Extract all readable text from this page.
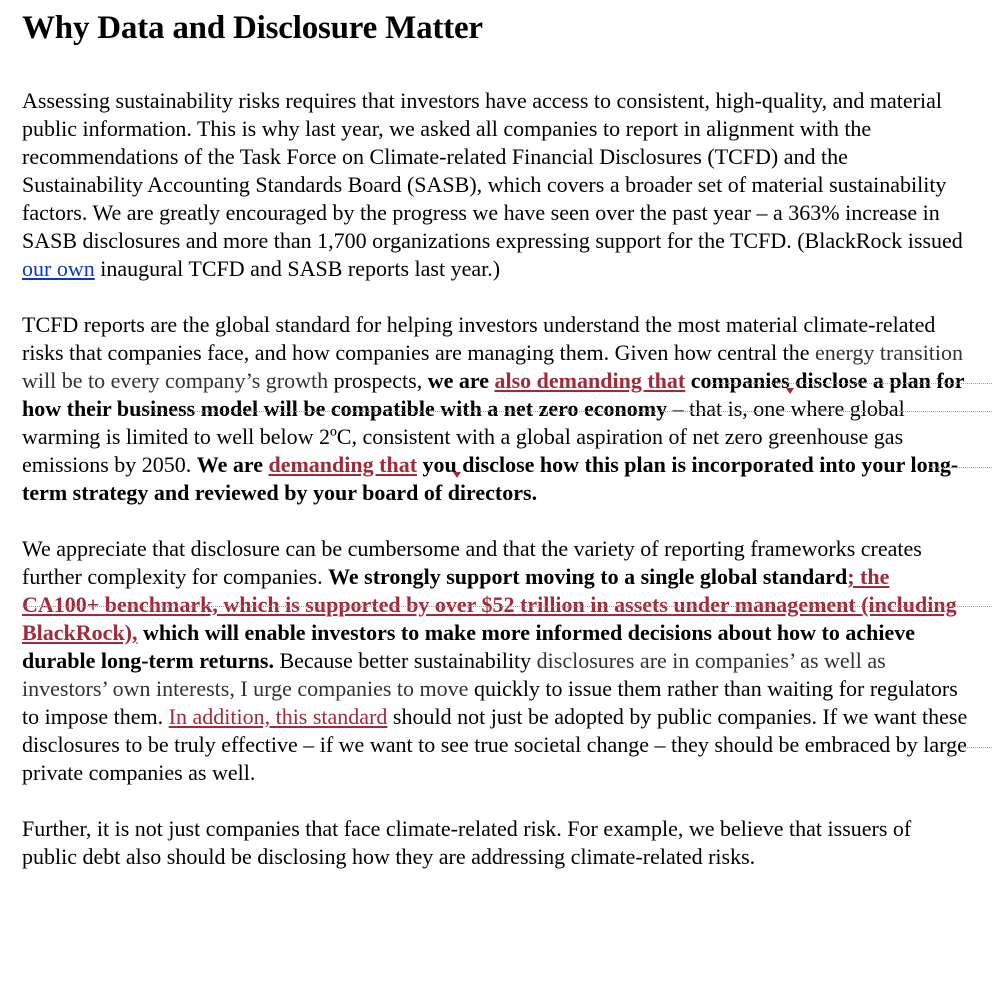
Why Data and Disclosure Matter

Assessing sustainability risks requires that investors have access to consistent, high-quality, and material public information. This is why last year, we asked all companies to report in alignment with the recommendations of the Task Force on Climate-related Financial Disclosures (TCFD) and the Sustainability Accounting Standards Board (SASB), which covers a broader set of material sustainability factors. We are greatly encouraged by the progress we have seen over the past year – a 363% increase in SASB disclosures and more than 1,700 organizations expressing support for the TCFD. (BlackRock issued our own inaugural TCFD and SASB reports last year.)

TCFD reports are the global standard for helping investors understand the most material climate-related risks that companies face, and how companies are managing them. Given how central the energy transition will be to every company’s growth prospects, we are also demanding that companies disclose a plan for how their business model will be compatible with a net zero economy – that is, one where global warming is limited to well below 2ºC, consistent with a global aspiration of net zero greenhouse gas emissions by 2050. We are demanding that you disclose how this plan is incorporated into your long-term strategy and reviewed by your board of directors.

We appreciate that disclosure can be cumbersome and that the variety of reporting frameworks creates further complexity for companies. We strongly support moving to a single global standard; the CA100+ benchmark, which is supported by over $52 trillion in assets under management (including BlackRock), which will enable investors to make more informed decisions about how to achieve durable long-term returns. Because better sustainability disclosures are in companies’ as well as investors’ own interests, I urge companies to move quickly to issue them rather than waiting for regulators to impose them. In addition, this standard should not just be adopted by public companies. If we want these disclosures to be truly effective – if we want to see true societal change – they should be embraced by large private companies as well.

Further, it is not just companies that face climate-related risk. For example, we believe that issuers of public debt also should be disclosing how they are addressing climate-related risks.
